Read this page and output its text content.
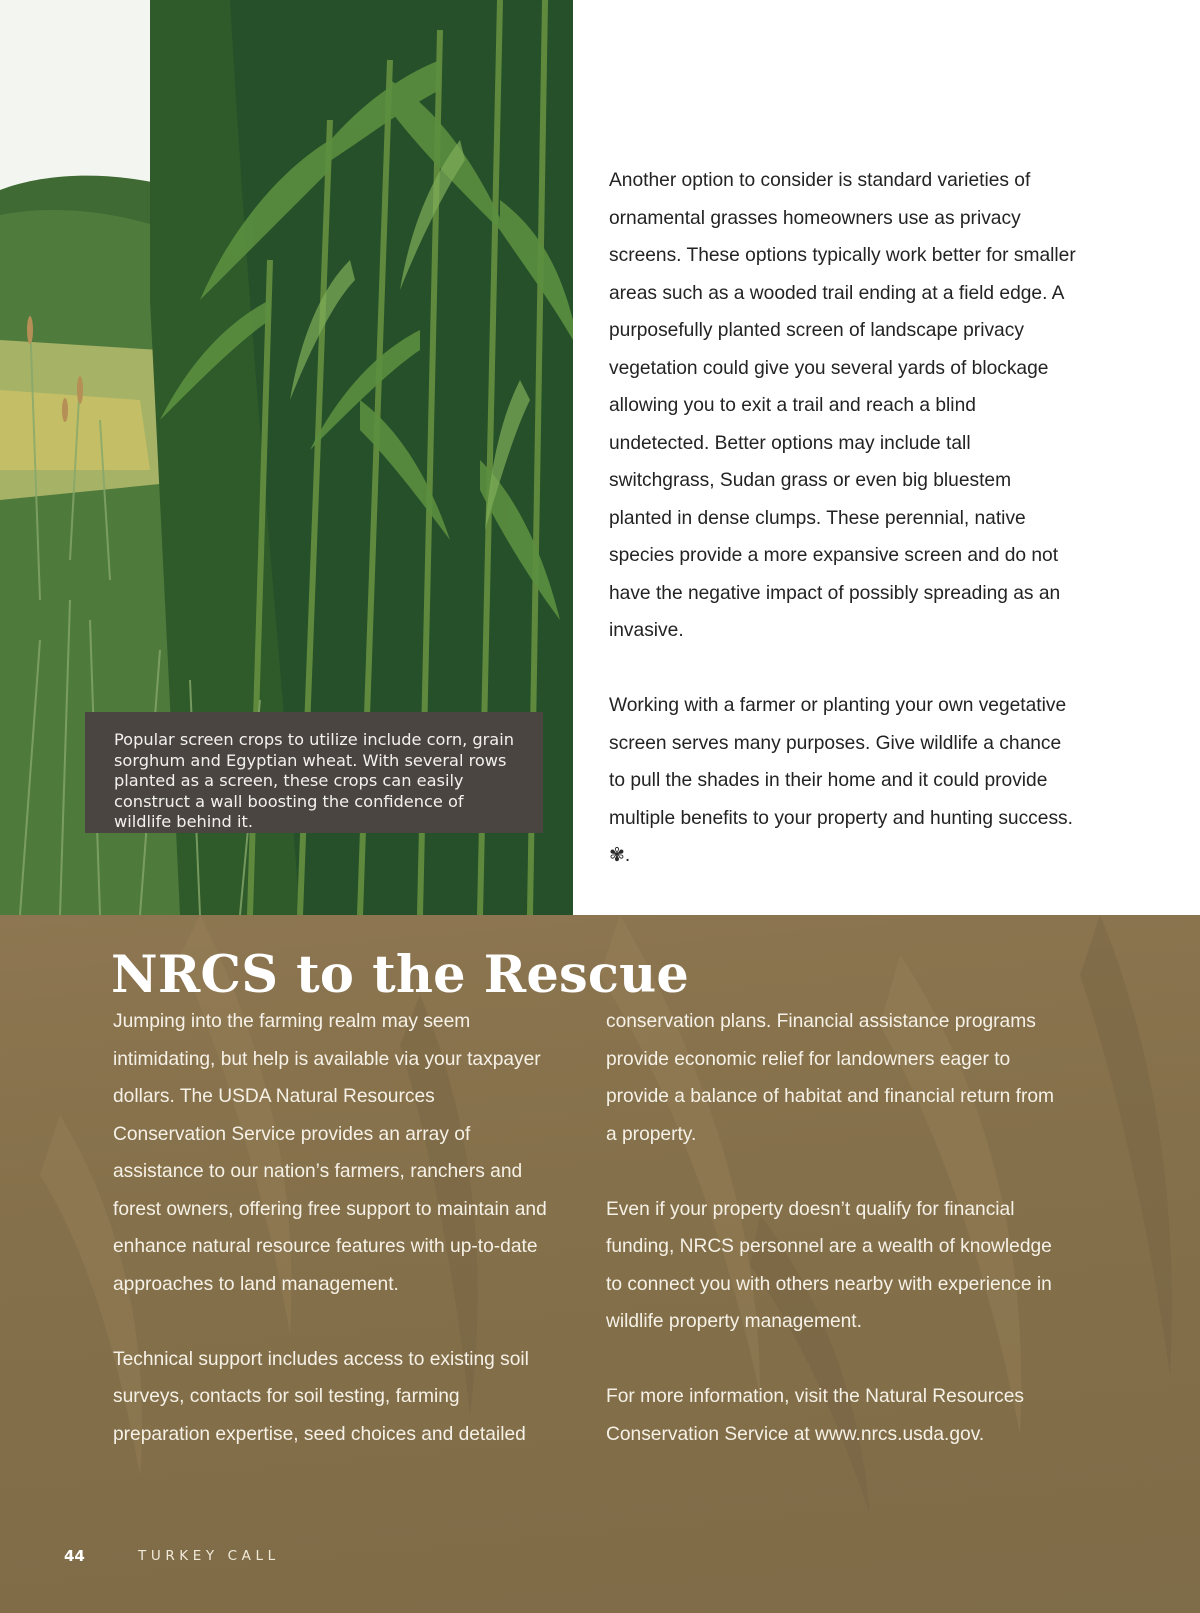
Popular screen crops to utilize include corn, grain sorghum and Egyptian wheat. With several rows planted as a screen, these crops can easily construct a wall boosting the confidence of wildlife behind it.

Another option to consider is standard varieties of ornamental grasses homeowners use as privacy screens. These options typically work better for smaller areas such as a wooded trail ending at a field edge. A purposefully planted screen of landscape privacy vegetation could give you several yards of blockage allowing you to exit a trail and reach a blind undetected. Better options may include tall switchgrass, Sudan grass or even big bluestem planted in dense clumps. These perennial, native species provide a more expansive screen and do not have the negative impact of possibly spreading as an invasive.

Working with a farmer or planting your own vegetative screen serves many purposes. Give wildlife a chance to pull the shades in their home and it could provide multiple benefits to your property and hunting success. ✾.

NRCS to the Rescue

Jumping into the farming realm may seem intimidating, but help is available via your taxpayer dollars. The USDA Natural Resources Conservation Service provides an array of assistance to our nation’s farmers, ranchers and forest owners, offering free support to maintain and enhance natural resource features with up-to-date approaches to land management.

Technical support includes access to existing soil surveys, contacts for soil testing, farming preparation expertise, seed choices and detailed

conservation plans. Financial assistance programs provide economic relief for landowners eager to provide a balance of habitat and financial return from a property.

Even if your property doesn’t qualify for financial funding, NRCS personnel are a wealth of knowledge to connect you with others nearby with experience in wildlife property management.

For more information, visit the Natural Resources Conservation Service at www.nrcs.usda.gov.

44	TURKEY CALL
